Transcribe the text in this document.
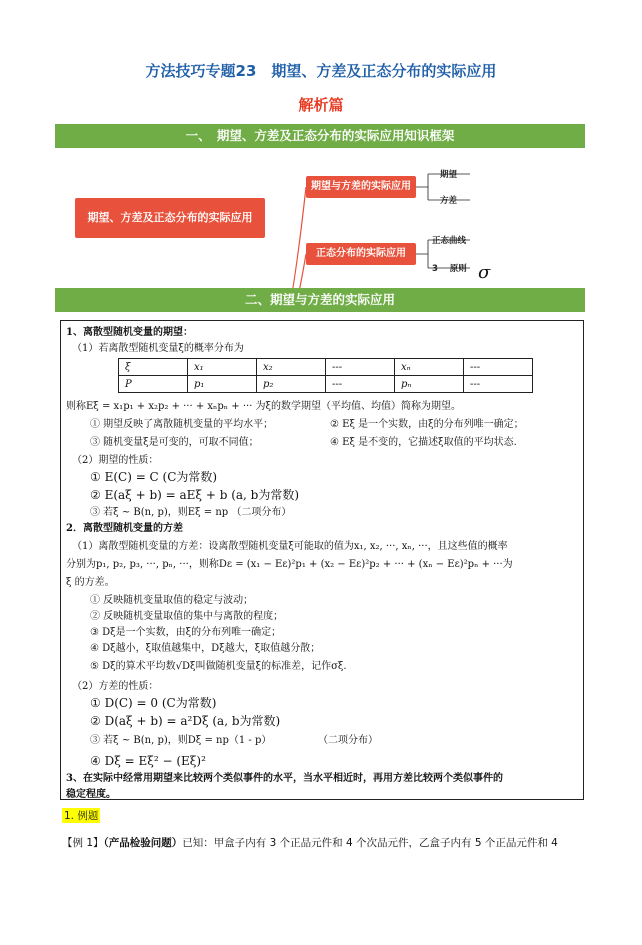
方法技巧专题23　期望、方差及正态分布的实际应用
解析篇
一、　期望、方差及正态分布的实际应用知识框架
期望、方差及正态分布的实际应用
期望与方差的实际应用
正态分布的实际应用
期望
方差
正态曲线
3 原则 σ
二、期望与方差的实际应用
1、离散型随机变量的期望：
（1）若离散型随机变量ξ的概率分布为
ξ	x₁	x₂	---	xₙ	---
P	p₁	p₂	---	pₙ	---
则称Eξ = x₁p₁ + x₂p₂ + ··· + xₙpₙ + ··· 为ξ的数学期望（平均值、均值）简称为期望。
① 期望反映了离散随机变量的平均水平；	② Eξ 是一个实数，由ξ的分布列唯一确定；
③ 随机变量ξ是可变的，可取不同值；	④ Eξ 是不变的，它描述ξ取值的平均状态.
（2）期望的性质：
① E(C) = C (C为常数)
② E(aξ + b) = aEξ + b (a, b为常数)
③ 若ξ ~ B(n, p)，则Eξ = np （二项分布）
2．离散型随机变量的方差
（1）离散型随机变量的方差：设离散型随机变量ξ可能取的值为x₁, x₂, ···, xₙ, ···，且这些值的概率
分别为p₁, p₂, p₃, ···, pₙ, ···，则称Dε = (x₁ − Eε)²p₁ + (x₂ − Eε)²p₂ + ··· + (xₙ − Eε)²pₙ + ···为
ξ 的方差。
① 反映随机变量取值的稳定与波动；
② 反映随机变量取值的集中与离散的程度；
③ Dξ是一个实数，由ξ的分布列唯一确定；
④ Dξ越小，ξ取值越集中，Dξ越大，ξ取值越分散；
⑤ Dξ的算术平均数√Dξ叫做随机变量ξ的标准差，记作σξ.
（2）方差的性质：
① D(C) = 0 (C为常数)
② D(aξ + b) = a²Dξ (a, b为常数)
③ 若ξ ~ B(n, p)，则Dξ = np（1 - p）	（二项分布）
④ Dξ = Eξ² − (Eξ)²
3、在实际中经常用期望来比较两个类似事件的水平，当水平相近时，再用方差比较两个类似事件的
稳定程度。
1. 例题
【例 1】（产品检验问题）已知：甲盒子内有 3 个正品元件和 4 个次品元件，乙盒子内有 5 个正品元件和 4
